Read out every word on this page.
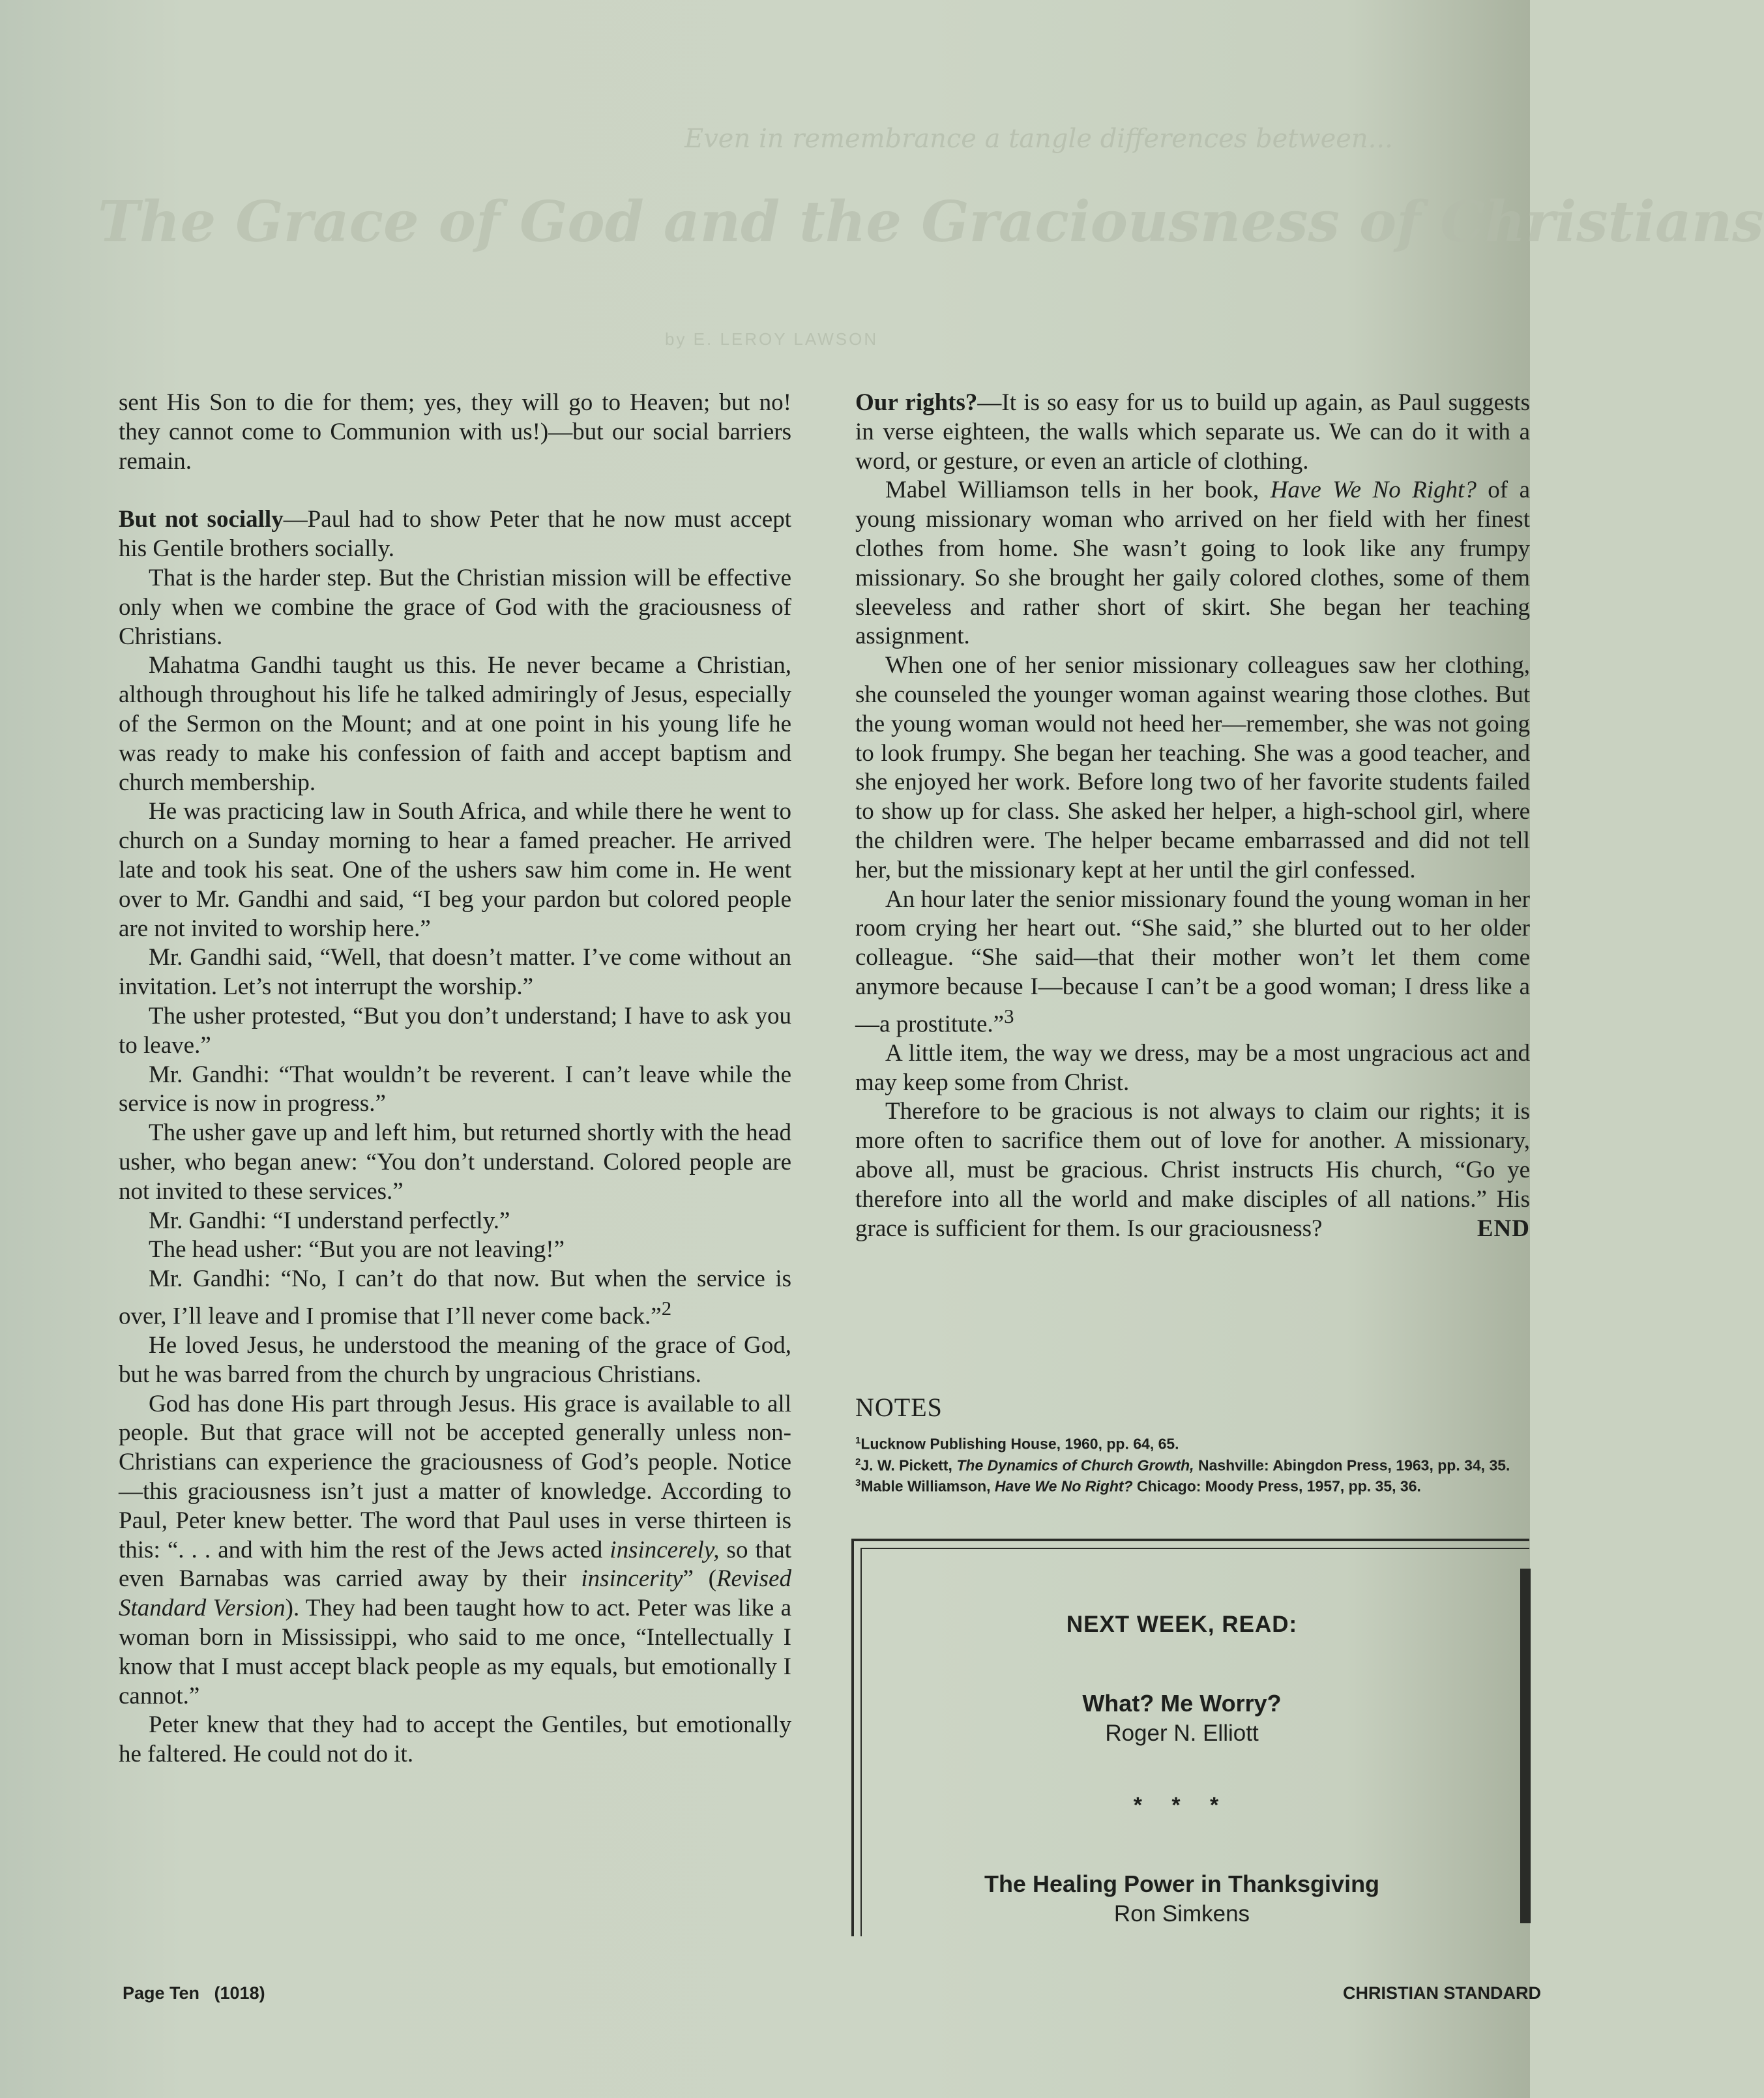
Even in remembrance a tangle differences between...
The Grace of God and the Graciousness of Christians
by E. LEROY LAWSON

sent His Son to die for them; yes, they will go to Heaven; but no! they cannot come to Communion with us!)—but our social barriers remain.

But not socially—Paul had to show Peter that he now must accept his Gentile brothers socially.

That is the harder step. But the Christian mission will be effective only when we combine the grace of God with the graciousness of Christians.

Mahatma Gandhi taught us this. He never became a Christian, although throughout his life he talked admiringly of Jesus, especially of the Sermon on the Mount; and at one point in his young life he was ready to make his confession of faith and accept baptism and church membership.

He was practicing law in South Africa, and while there he went to church on a Sunday morning to hear a famed preacher. He arrived late and took his seat. One of the ushers saw him come in. He went over to Mr. Gandhi and said, “I beg your pardon but colored people are not invited to worship here.”

Mr. Gandhi said, “Well, that doesn’t matter. I’ve come without an invitation. Let’s not interrupt the worship.”

The usher protested, “But you don’t understand; I have to ask you to leave.”

Mr. Gandhi: “That wouldn’t be reverent. I can’t leave while the service is now in progress.”

The usher gave up and left him, but returned shortly with the head usher, who began anew: “You don’t understand. Colored people are not invited to these services.”

Mr. Gandhi: “I understand perfectly.”

The head usher: “But you are not leaving!”

Mr. Gandhi: “No, I can’t do that now. But when the service is over, I’ll leave and I promise that I’ll never come back.”$^2$

He loved Jesus, he understood the meaning of the grace of God, but he was barred from the church by ungracious Christians.

God has done His part through Jesus. His grace is available to all people. But that grace will not be accepted generally unless non-Christians can experience the graciousness of God’s people. Notice—this graciousness isn’t just a matter of knowledge. According to Paul, Peter knew better. The word that Paul uses in verse thirteen is this: “. . . and with him the rest of the Jews acted insincerely, so that even Barnabas was carried away by their insincerity” (Revised Standard Version). They had been taught how to act. Peter was like a woman born in Mississippi, who said to me once, “Intellectually I know that I must accept black people as my equals, but emotionally I cannot.”

Peter knew that they had to accept the Gentiles, but emotionally he faltered. He could not do it.

Our rights?—It is so easy for us to build up again, as Paul suggests in verse eighteen, the walls which separate us. We can do it with a word, or gesture, or even an article of clothing.

Mabel Williamson tells in her book, Have We No Right? of a young missionary woman who arrived on her field with her finest clothes from home. She wasn’t going to look like any frumpy missionary. So she brought her gaily colored clothes, some of them sleeveless and rather short of skirt. She began her teaching assignment.

When one of her senior missionary colleagues saw her clothing, she counseled the younger woman against wearing those clothes. But the young woman would not heed her—remember, she was not going to look frumpy. She began her teaching. She was a good teacher, and she enjoyed her work. Before long two of her favorite students failed to show up for class. She asked her helper, a high-school girl, where the children were. The helper became embarrassed and did not tell her, but the missionary kept at her until the girl confessed.

An hour later the senior missionary found the young woman in her room crying her heart out. “She said,” she blurted out to her older colleague. “She said—that their mother won’t let them come anymore because I—because I can’t be a good woman; I dress like a—a prostitute.”$^3$

A little item, the way we dress, may be a most ungracious act and may keep some from Christ.

Therefore to be gracious is not always to claim our rights; it is more often to sacrifice them out of love for another. A missionary, above all, must be gracious. Christ instructs His church, “Go ye therefore into all the world and make disciples of all nations.” His grace is sufficient for them. Is our graciousness?	END

NOTES

$^1$Lucknow Publishing House, 1960, pp. 64, 65.

$^2$J. W. Pickett, The Dynamics of Church Growth, Nashville: Abingdon Press, 1963, pp. 34, 35.

$^3$Mable Williamson, Have We No Right? Chicago: Moody Press, 1957, pp. 35, 36.

NEXT WEEK, READ:
What? Me Worry?
Roger N. Elliott
* * *
The Healing Power in Thanksgiving
Ron Simkens
Page Ten   (1018)	CHRISTIAN STANDARD
